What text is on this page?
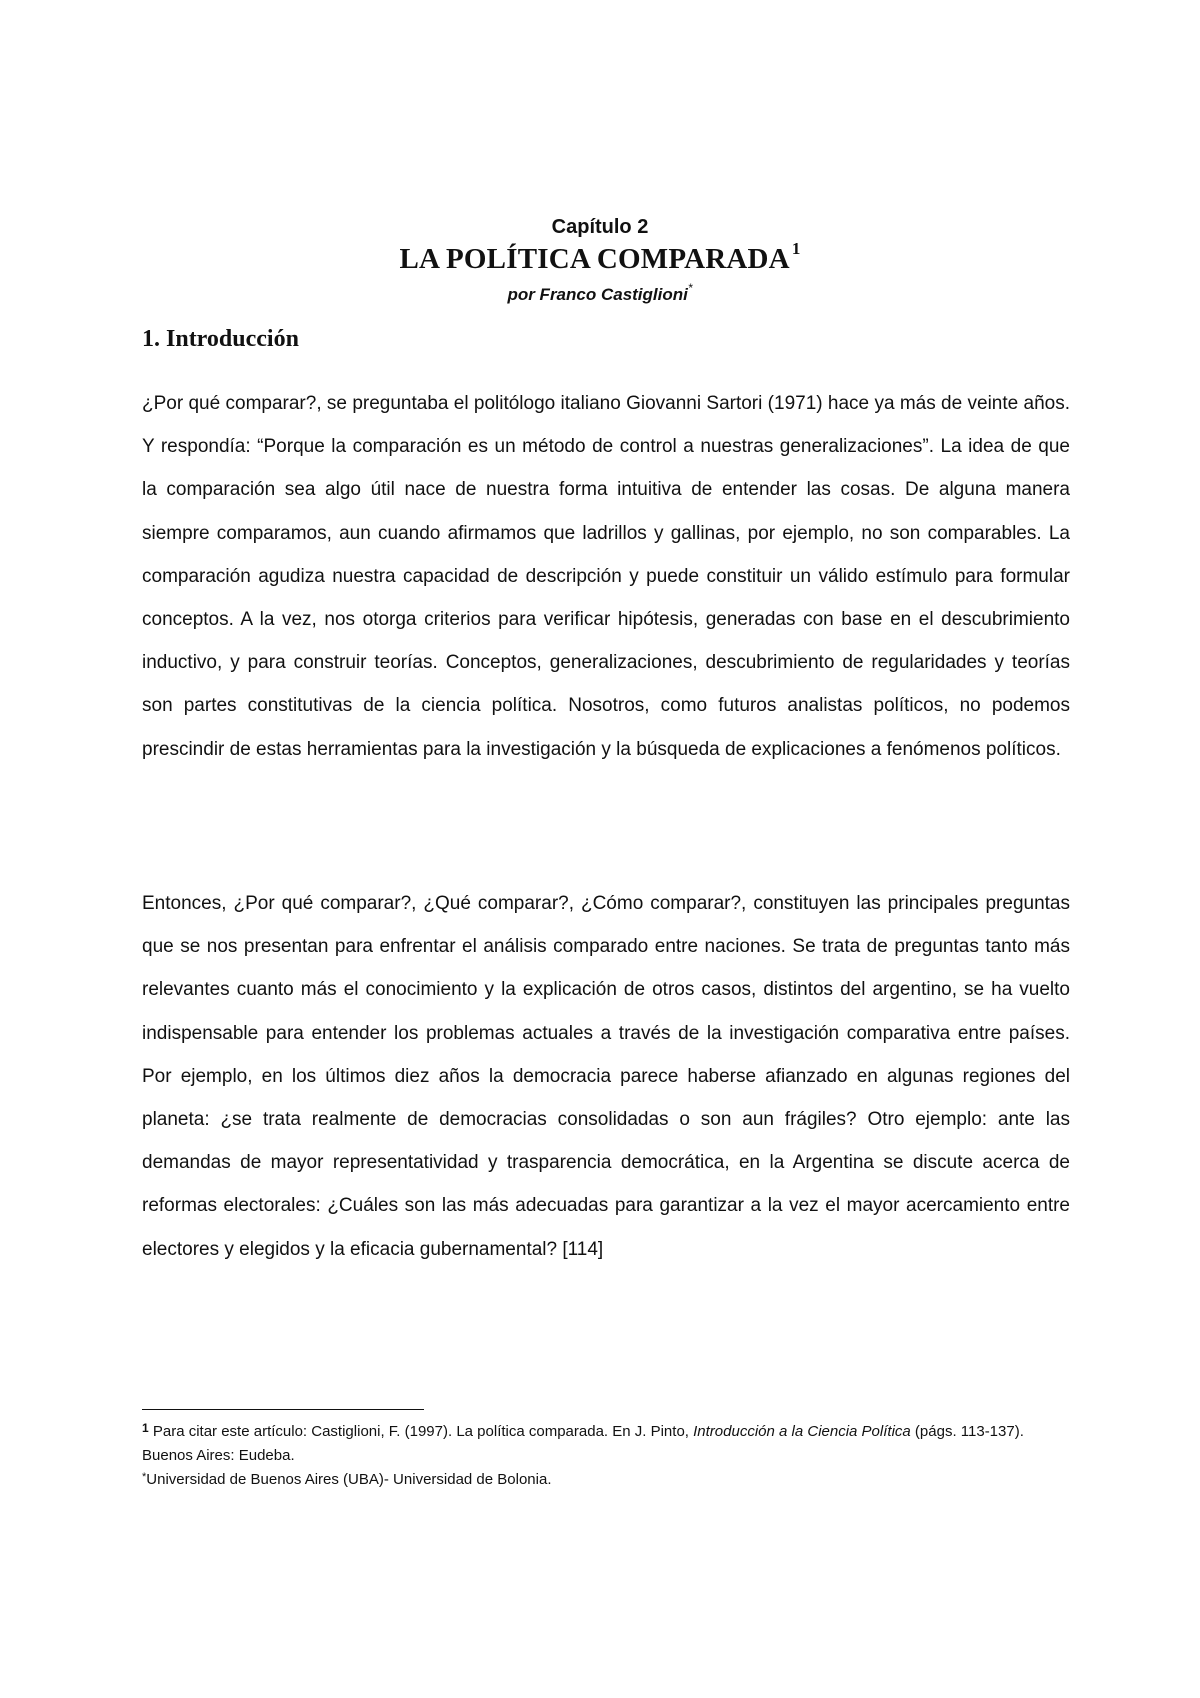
Capítulo 2
LA POLÍTICA COMPARADA $^1$
por Franco Castiglioni*
1. Introducción

¿Por qué comparar?, se preguntaba el politólogo italiano Giovanni Sartori (1971) hace ya más de veinte años. Y respondía: “Porque la comparación es un método de control a nuestras generalizaciones”. La idea de que la comparación sea algo útil nace de nuestra forma intuitiva de entender las cosas. De alguna manera siempre comparamos, aun cuando afirmamos que ladrillos y gallinas, por ejemplo, no son comparables. La comparación agudiza nuestra capacidad de descripción y puede constituir un válido estímulo para formular conceptos. A la vez, nos otorga criterios para verificar hipótesis, generadas con base en el descubrimiento inductivo, y para construir teorías. Conceptos, generalizaciones, descubrimiento de regularidades y teorías son partes constitutivas de la ciencia política. Nosotros, como futuros analistas políticos, no podemos prescindir de estas herramientas para la investigación y la búsqueda de explicaciones a fenómenos políticos.

Entonces, ¿Por qué comparar?, ¿Qué comparar?, ¿Cómo comparar?, constituyen las principales preguntas que se nos presentan para enfrentar el análisis comparado entre naciones. Se trata de preguntas tanto más relevantes cuanto más el conocimiento y la explicación de otros casos, distintos del argentino, se ha vuelto indispensable para entender los problemas actuales a través de la investigación comparativa entre países. Por ejemplo, en los últimos diez años la democracia parece haberse afianzado en algunas regiones del planeta: ¿se trata realmente de democracias consolidadas o son aun frágiles? Otro ejemplo: ante las demandas de mayor representatividad y trasparencia democrática, en la Argentina se discute acerca de reformas electorales: ¿Cuáles son las más adecuadas para garantizar a la vez el mayor acercamiento entre electores y elegidos y la eficacia gubernamental? [114]

$^1$ Para citar este artículo: Castiglioni, F. (1997). La política comparada. En J. Pinto, Introducción a la Ciencia Política (págs. 113-137). Buenos Aires: Eudeba.

*Universidad de Buenos Aires (UBA)- Universidad de Bolonia.
